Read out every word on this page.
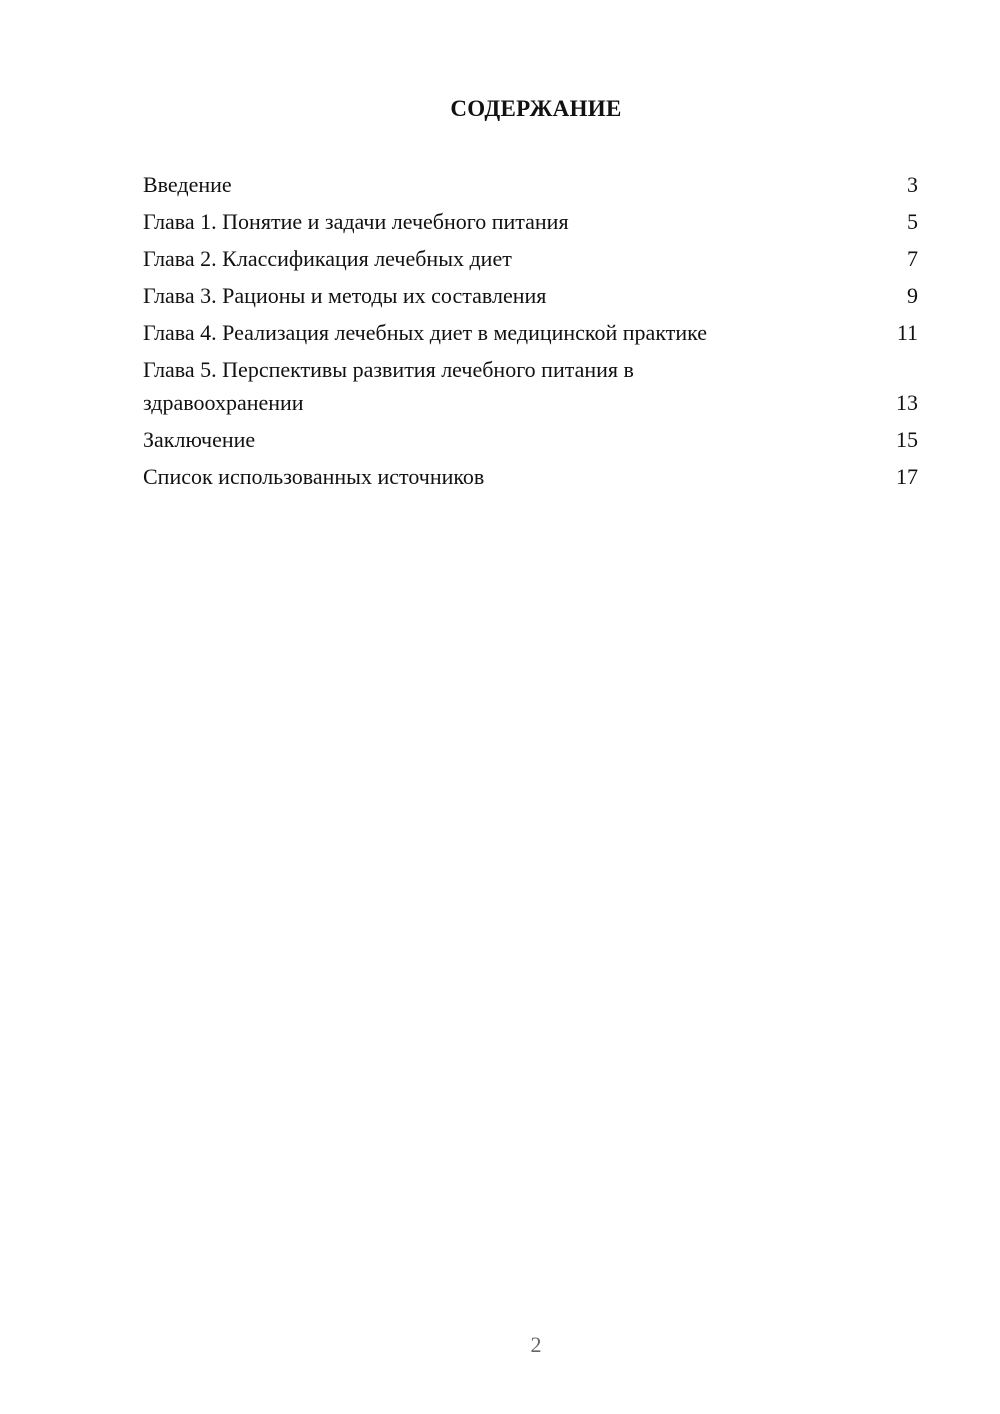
СОДЕРЖАНИЕ
Введение	3
Глава 1. Понятие и задачи лечебного питания	5
Глава 2. Классификация лечебных диет	7
Глава 3. Рационы и методы их составления	9
Глава 4. Реализация лечебных диет в медицинской практике	11
Глава 5. Перспективы развития лечебного питания в здравоохранении	13
Заключение	15
Список использованных источников	17
2
